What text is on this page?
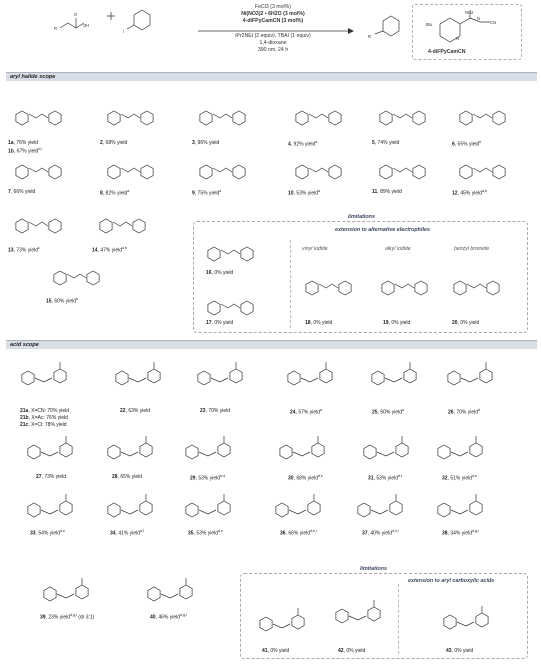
R
O
OH
I
FeCl3 (3 mol%)
Ni(NO3)2 • 6H2O (3 mol%)
4-diFPyCamCN (3 mol%)
iPr2NEt (2 equiv), TBAI (1 equiv)
1,4-dioxane
390 nm, 24 h
R
NH2
N
CN
tBu
N
4-diFPyCamCN
aryl halide scope
limitations
extension to alternative electrophiles
vinyl iodide	alkyl iodide	benzyl bromide
acid scope
limitations
extension to aryl carboxylic acids
1a, 76% yield
1b, 67% yield$^{b,i}$
2, 68% yield	3, 96% yield	4, 92% yield$^a$	5, 74% yield	6, 65% yield$^b$
7, 66% yield	8, 82% yield$^a$	9, 75% yield$^a$	10, 53% yield$^a$	11, 89% yield	12, 45% yield$^{a,b}$
13, 73% yield$^c$	14, 47% yield$^{a,b}$
15, 60% yield$^b$
16, 0% yield
17, 0% yield	18, 0% yield	19, 0% yield	20, 0% yield
21a, X=CN: 70% yield
21b, X=Ac: 76% yield
21c, X=Cl: 78% yield
22, 63% yield	23, 70% yield	24, 57% yield$^a$	25, 60% yield$^a$	26, 70% yield$^d$
27, 73% yield	28, 65% yield	29, 53% yield$^{b,d}$	30, 68% yield$^{d,e}$	31, 53% yield$^{d,f}$	32, 51% yield$^{d,e}$
33, 54% yield$^{d,e}$	34, 41% yield$^{d,f}$	35, 53% yield$^{d,e}$	36, 66% yield$^{d,e,i}$	37, 40% yield$^{d,h,i}$	38, 34% yield$^{d,g,i}$
39, 23% yield$^{d,g,i}$ (dr 3:1)	40, 46% yield$^{d,g,i}$
41, 0% yield	42, 0% yield	43, 0% yield
